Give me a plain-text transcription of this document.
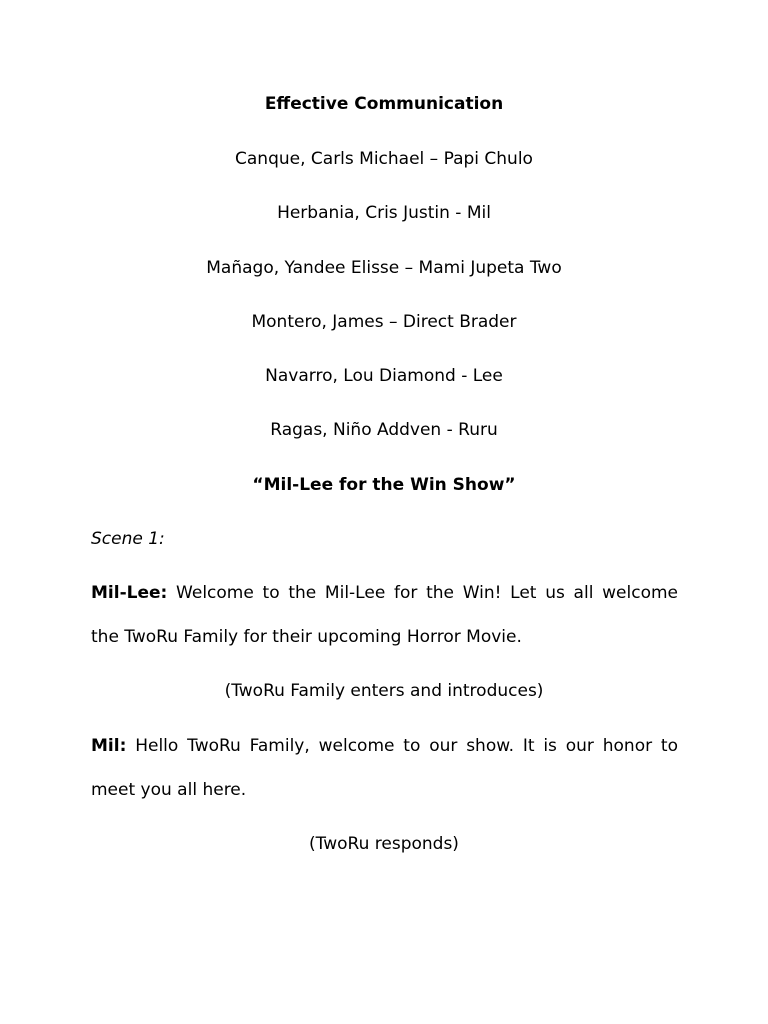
Effective Communication
Canque, Carls Michael – Papi Chulo
Herbania, Cris Justin - Mil
Mañago, Yandee Elisse – Mami Jupeta Two
Montero, James – Direct Brader
Navarro, Lou Diamond - Lee
Ragas, Niño Addven - Ruru
“Mil-Lee for the Win Show”
Scene 1:
Mil-Lee: Welcome to the Mil-Lee for the Win! Let us all welcome
the TwoRu Family for their upcoming Horror Movie.
(TwoRu Family enters and introduces)
Mil: Hello TwoRu Family, welcome to our show. It is our honor to
meet you all here.
(TwoRu responds)
